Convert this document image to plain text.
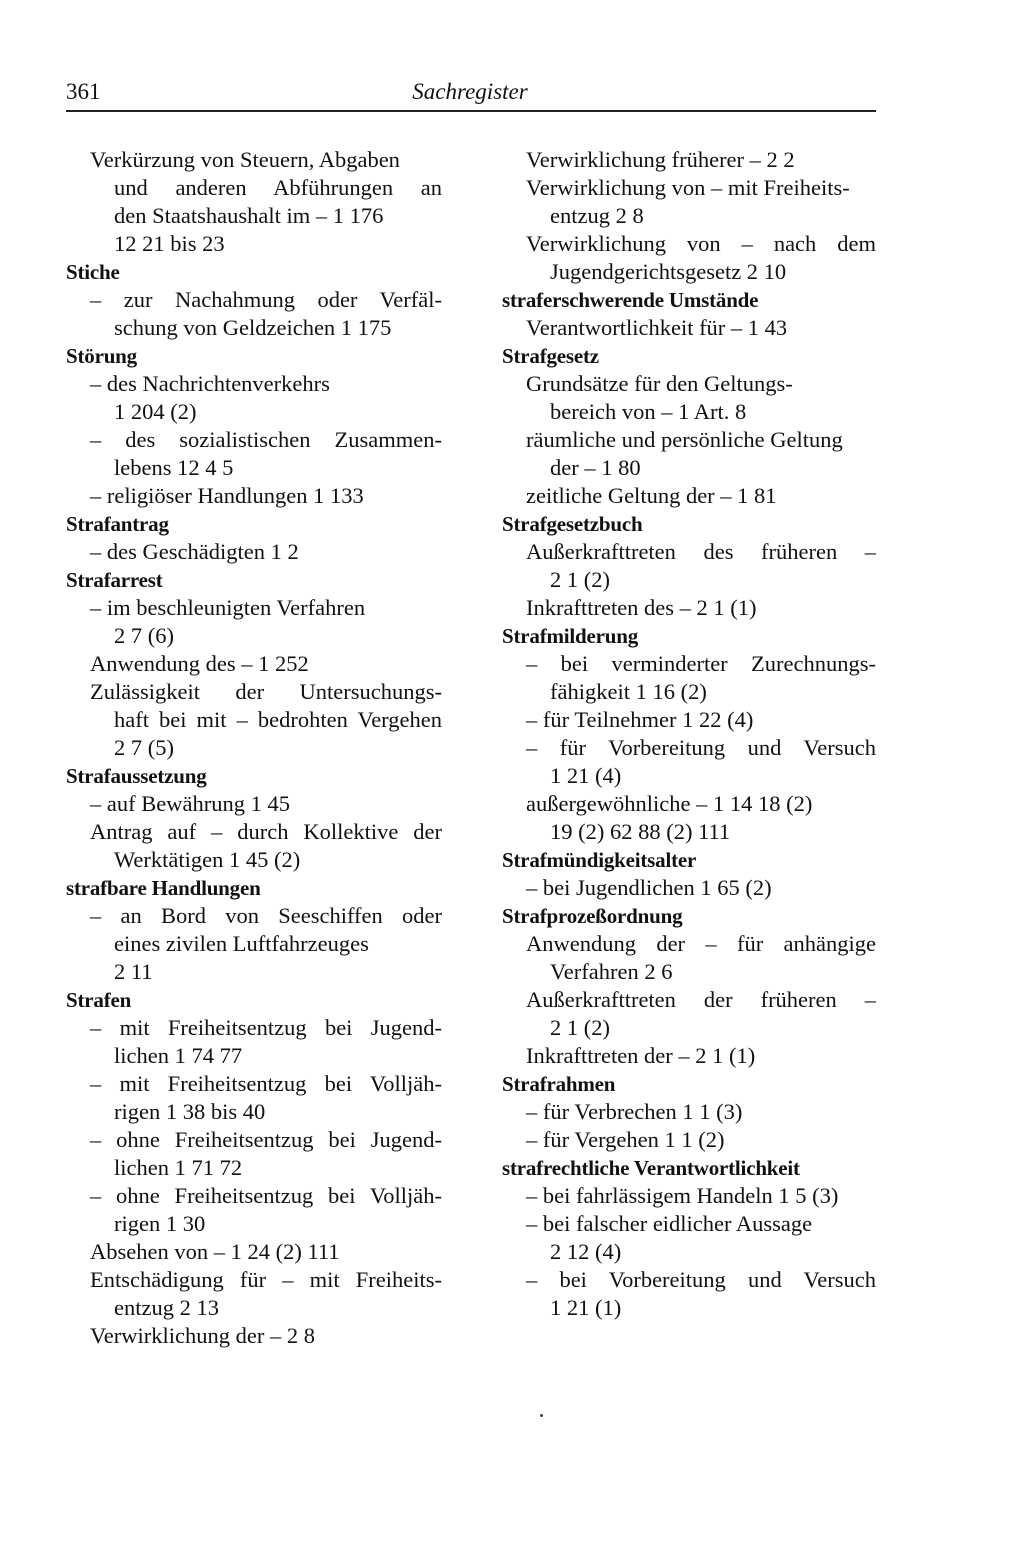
361	Sachregister
Verkürzung von Steuern, Abgaben
und anderen Abführungen an
den Staatshaushalt im – 1 176
12 21 bis 23
Stiche
– zur Nachahmung oder Verfäl-
schung von Geldzeichen 1 175
Störung
– des Nachrichtenverkehrs
1 204 (2)
– des sozialistischen Zusammen-
lebens 12 4 5
– religiöser Handlungen 1 133
Strafantrag
– des Geschädigten 1 2
Strafarrest
– im beschleunigten Verfahren
2 7 (6)
Anwendung des – 1 252
Zulässigkeit der Untersuchungs-
haft bei mit – bedrohten Vergehen
2 7 (5)
Strafaussetzung
– auf Bewährung 1 45
Antrag auf – durch Kollektive der
Werktätigen 1 45 (2)
strafbare Handlungen
– an Bord von Seeschiffen oder
eines zivilen Luftfahrzeuges
2 11
Strafen
– mit Freiheitsentzug bei Jugend-
lichen 1 74 77
– mit Freiheitsentzug bei Volljäh-
rigen 1 38 bis 40
– ohne Freiheitsentzug bei Jugend-
lichen 1 71 72
– ohne Freiheitsentzug bei Volljäh-
rigen 1 30
Absehen von – 1 24 (2) 111
Entschädigung für – mit Freiheits-
entzug 2 13
Verwirklichung der – 2 8
Verwirklichung früherer – 2 2
Verwirklichung von – mit Freiheits-
entzug 2 8
Verwirklichung von – nach dem
Jugendgerichtsgesetz 2 10
straferschwerende Umstände
Verantwortlichkeit für – 1 43
Strafgesetz
Grundsätze für den Geltungs-
bereich von – 1 Art. 8
räumliche und persönliche Geltung
der – 1 80
zeitliche Geltung der – 1 81
Strafgesetzbuch
Außerkrafttreten des früheren –
2 1 (2)
Inkrafttreten des – 2 1 (1)
Strafmilderung
– bei verminderter Zurechnungs-
fähigkeit 1 16 (2)
– für Teilnehmer 1 22 (4)
– für Vorbereitung und Versuch
1 21 (4)
außergewöhnliche – 1 14 18 (2)
19 (2) 62 88 (2) 111
Strafmündigkeitsalter
– bei Jugendlichen 1 65 (2)
Strafprozeßordnung
Anwendung der – für anhängige
Verfahren 2 6
Außerkrafttreten der früheren –
2 1 (2)
Inkrafttreten der – 2 1 (1)
Strafrahmen
– für Verbrechen 1 1 (3)
– für Vergehen 1 1 (2)
strafrechtliche Verantwortlichkeit
– bei fahrlässigem Handeln 1 5 (3)
– bei falscher eidlicher Aussage
2 12 (4)
– bei Vorbereitung und Versuch
1 21 (1)
